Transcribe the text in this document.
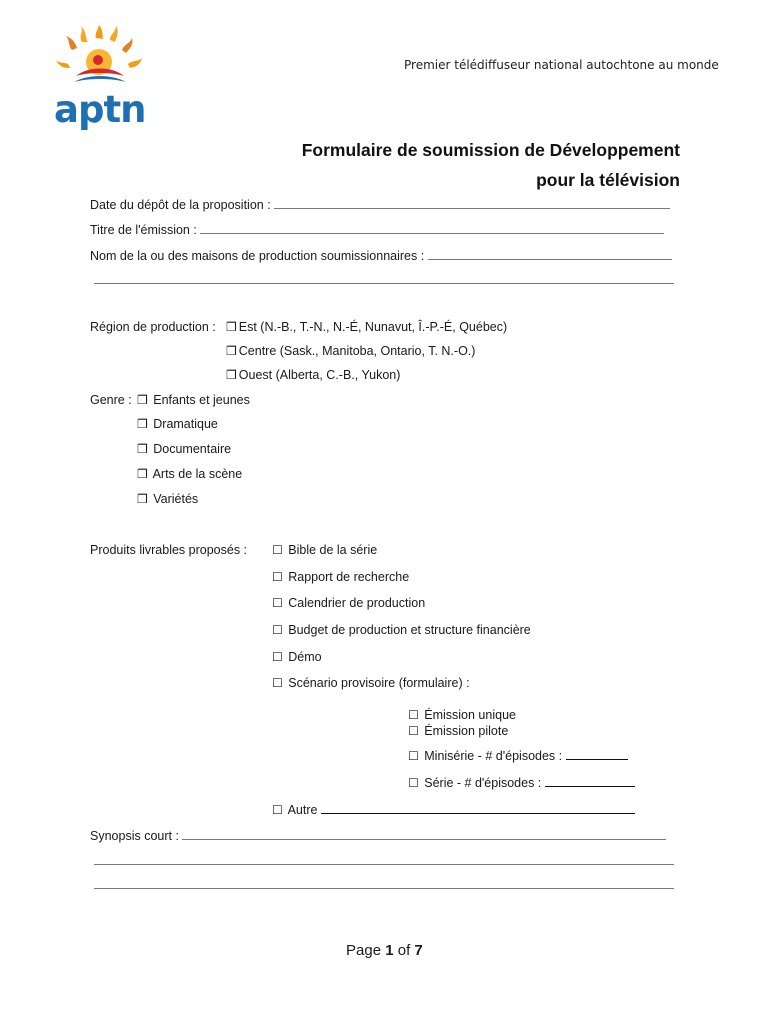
aptn
Premier télédiffuseur national autochtone au monde
Formulaire de soumission de Développement
pour la télévision
Date du dépôt de la proposition :
Titre de l'émission :
Nom de la ou des maisons de production soumissionnaires :
Région de production : ❒ Est (N.-B., T.-N., N.-É, Nunavut, Î.-P.-É, Québec)
❒ Centre (Sask., Manitoba, Ontario, T. N.-O.)
❒ Ouest (Alberta, C.-B., Yukon)
Genre : ❒ Enfants et jeunes
❒ Dramatique
❒ Documentaire
❒ Arts de la scène
❒ Variétés
Produits livrables proposés : ☐ Bible de la série
☐ Rapport de recherche
☐ Calendrier de production
☐ Budget de production et structure financière
☐ Démo
☐ Scénario provisoire (formulaire) :
☐ Émission unique
☐ Émission pilote
☐ Minisérie - # d'épisodes :
☐ Série - # d'épisodes :
☐ Autre
Synopsis court :
Page 1 of 7
